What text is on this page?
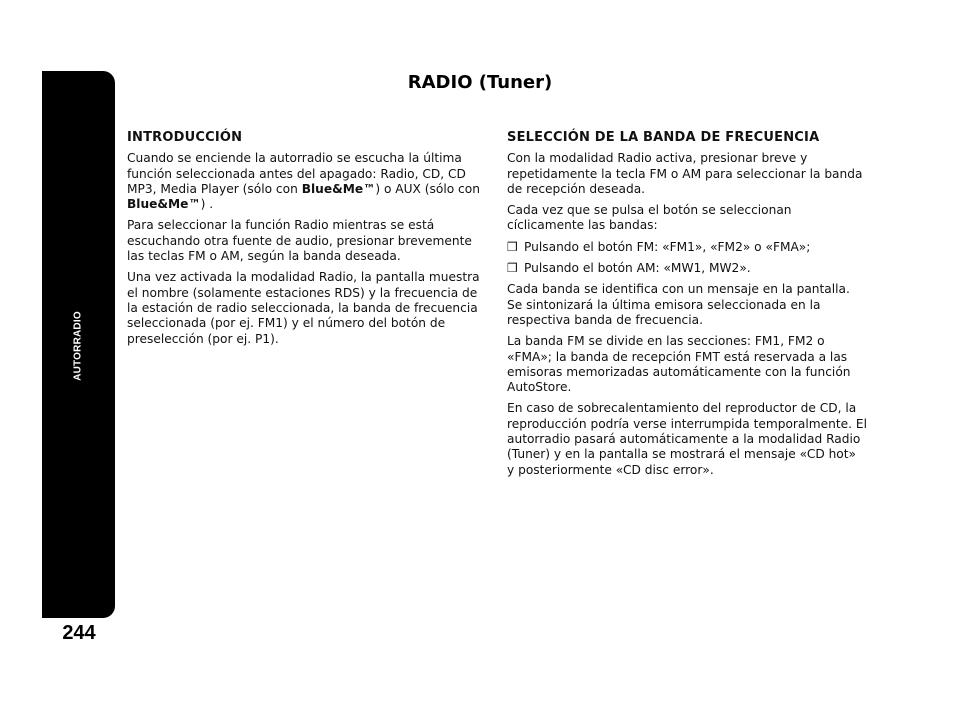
AUTORRADIO
244
RADIO (Tuner)
INTRODUCCIÓN

Cuando se enciende la autorradio se escucha la última función seleccionada antes del apagado: Radio, CD, CD MP3, Media Player (sólo con Blue&Me™) o AUX (sólo con Blue&Me™) .

Para seleccionar la función Radio mientras se está escuchando otra fuente de audio, presionar brevemente las teclas FM o AM, según la banda deseada.

Una vez activada la modalidad Radio, la pantalla muestra el nombre (solamente estaciones RDS) y la frecuencia de la estación de radio seleccionada, la banda de frecuencia seleccionada (por ej. FM1) y el número del botón de preselección (por ej. P1).

SELECCIÓN DE LA BANDA DE FRECUENCIA

Con la modalidad Radio activa, presionar breve y repetidamente la tecla FM o AM para seleccionar la banda de recepción deseada.

Cada vez que se pulsa el botón se seleccionan cíclicamente las bandas:

❒ Pulsando el botón FM: «FM1», «FM2» o «FMA»;
❒ Pulsando el botón AM: «MW1, MW2».

Cada banda se identifica con un mensaje en la pantalla. Se sintonizará la última emisora seleccionada en la respectiva banda de frecuencia.

La banda FM se divide en las secciones: FM1, FM2 o «FMA»; la banda de recepción FMT está reservada a las emisoras memorizadas automáticamente con la función AutoStore.

En caso de sobrecalentamiento del reproductor de CD, la reproducción podría verse interrumpida temporalmente. El autorradio pasará automáticamente a la modalidad Radio (Tuner) y en la pantalla se mostrará el mensaje «CD hot» y posteriormente «CD disc error».
